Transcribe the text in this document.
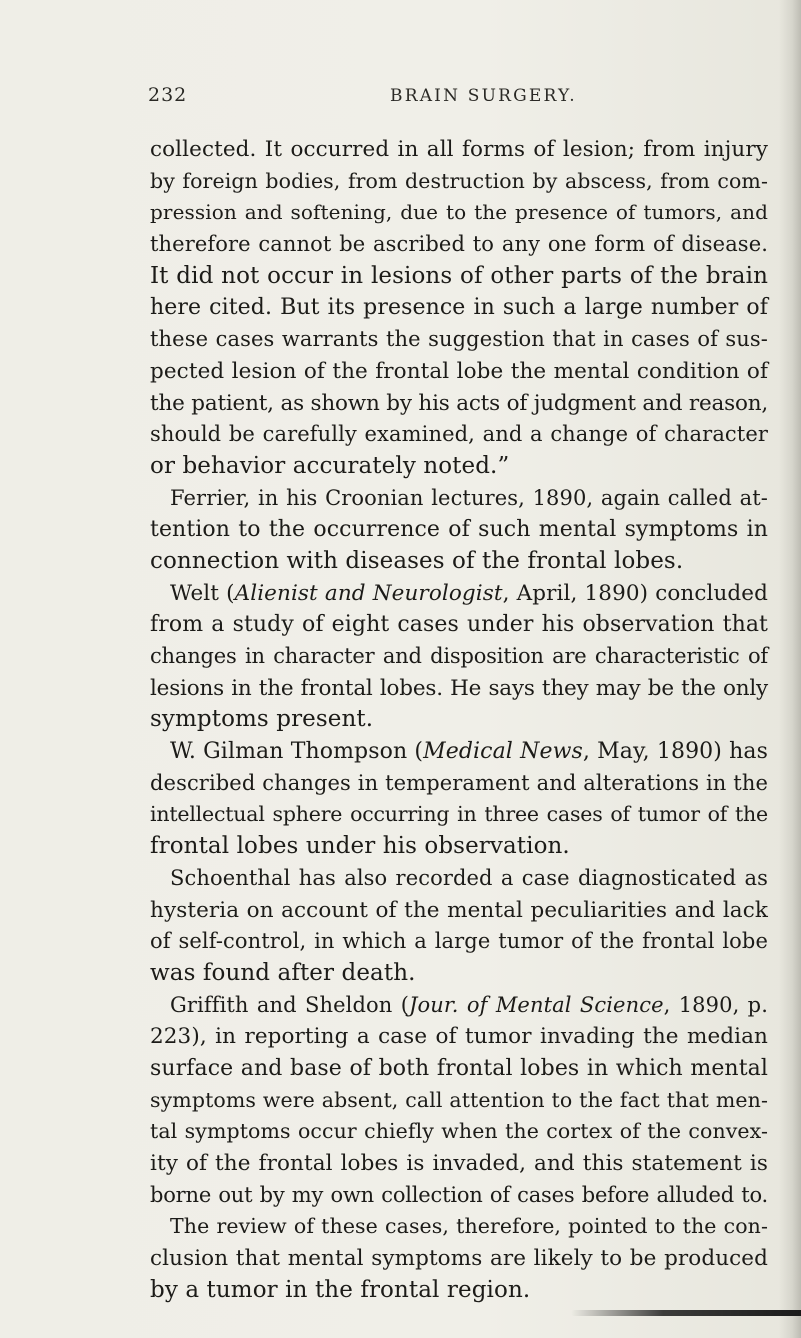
232	BRAIN SURGERY.
collected. It occurred in all forms of lesion; from injury
by foreign bodies, from destruction by abscess, from com-
pression and softening, due to the presence of tumors, and
therefore cannot be ascribed to any one form of disease.
It did not occur in lesions of other parts of the brain
here cited. But its presence in such a large number of
these cases warrants the suggestion that in cases of sus-
pected lesion of the frontal lobe the mental condition of
the patient, as shown by his acts of judgment and reason,
should be carefully examined, and a change of character
or behavior accurately noted.”
Ferrier, in his Croonian lectures, 1890, again called at-
tention to the occurrence of such mental symptoms in
connection with diseases of the frontal lobes.
Welt (Alienist and Neurologist, April, 1890) concluded
from a study of eight cases under his observation that
changes in character and disposition are characteristic of
lesions in the frontal lobes. He says they may be the only
symptoms present.
W. Gilman Thompson (Medical News, May, 1890) has
described changes in temperament and alterations in the
intellectual sphere occurring in three cases of tumor of the
frontal lobes under his observation.
Schoenthal has also recorded a case diagnosticated as
hysteria on account of the mental peculiarities and lack
of self-control, in which a large tumor of the frontal lobe
was found after death.
Griffith and Sheldon (Jour. of Mental Science, 1890, p.
223), in reporting a case of tumor invading the median
surface and base of both frontal lobes in which mental
symptoms were absent, call attention to the fact that men-
tal symptoms occur chiefly when the cortex of the convex-
ity of the frontal lobes is invaded, and this statement is
borne out by my own collection of cases before alluded to.
The review of these cases, therefore, pointed to the con-
clusion that mental symptoms are likely to be produced
by a tumor in the frontal region.
